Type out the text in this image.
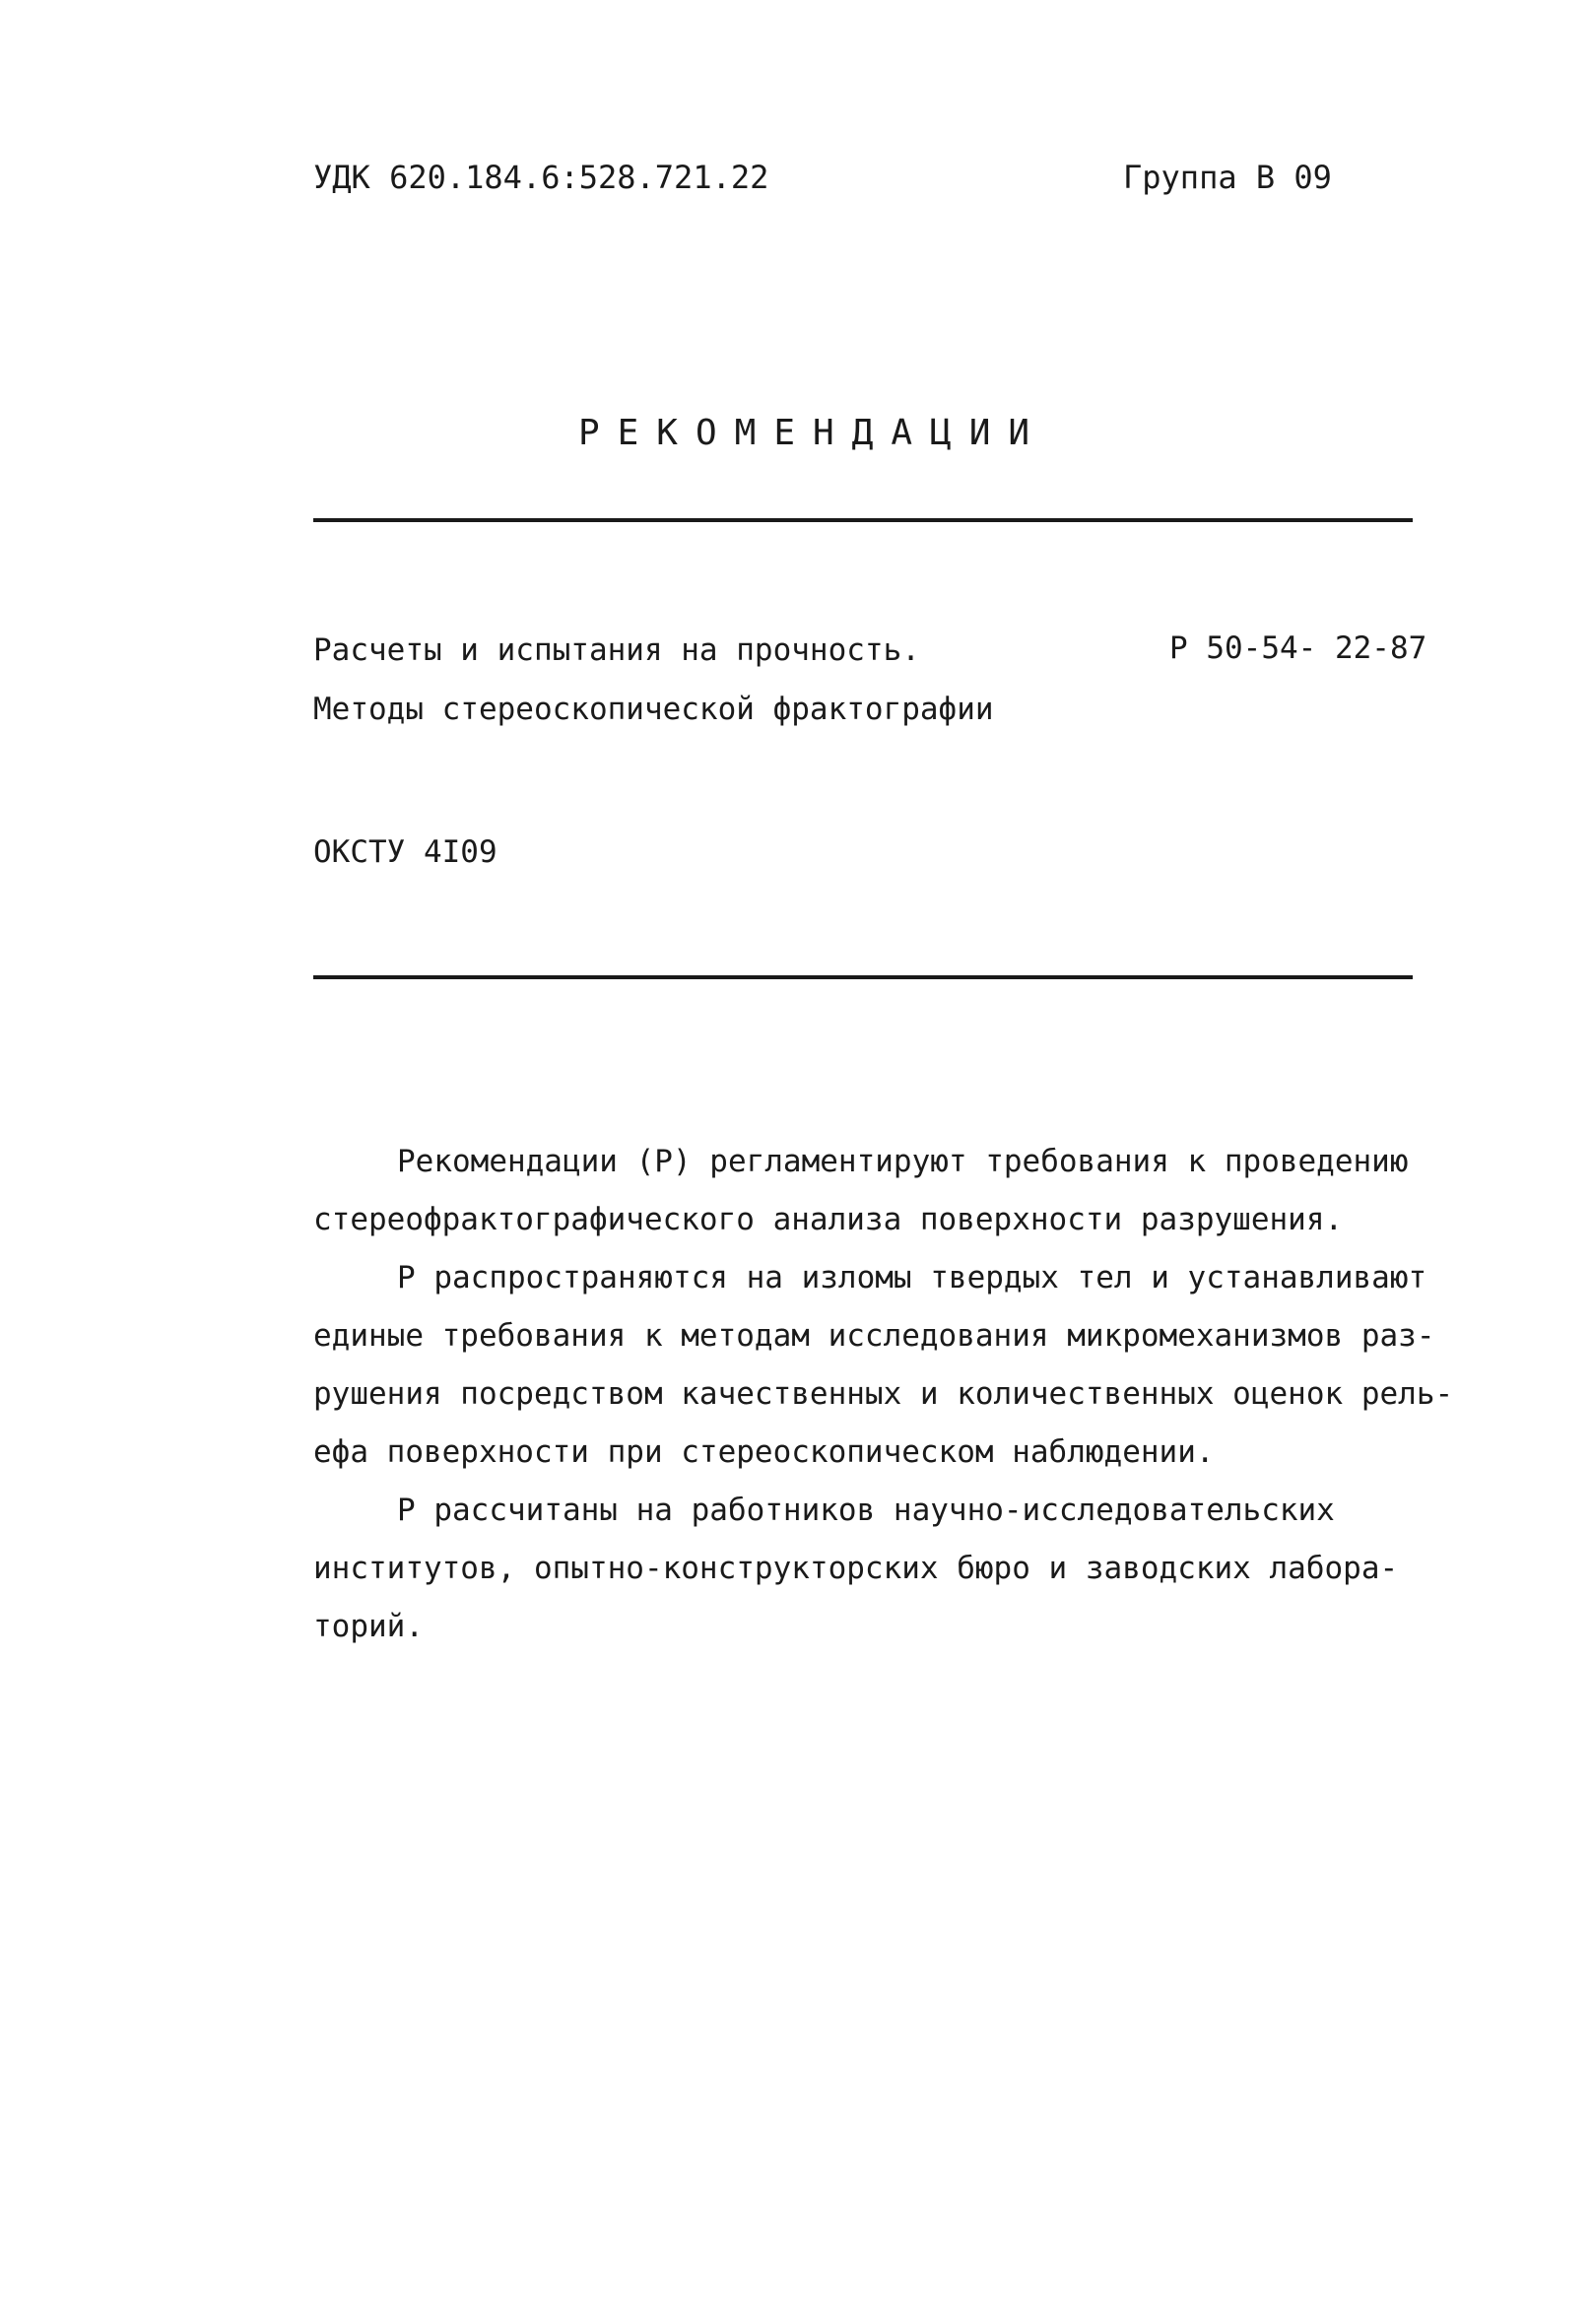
УДК 620.184.6:528.721.22	Группа В 09
РЕКОМЕНДАЦИИ
Расчеты и испытания на прочность.
Методы стереоскопической фрактографии
Р 50-54- 22-87
ОКСТУ 4I09
Рекомендации (Р) регламентируют требования к проведению
стереофрактографического анализа поверхности разрушения.
Р распространяются на изломы твердых тел и устанавливают
единые требования к методам исследования микромеханизмов раз-
рушения посредством качественных и количественных оценок рель-
ефа поверхности при стереоскопическом наблюдении.
Р рассчитаны на работников научно-исследовательских
институтов, опытно-конструкторских бюро и заводских лабора-
торий.
